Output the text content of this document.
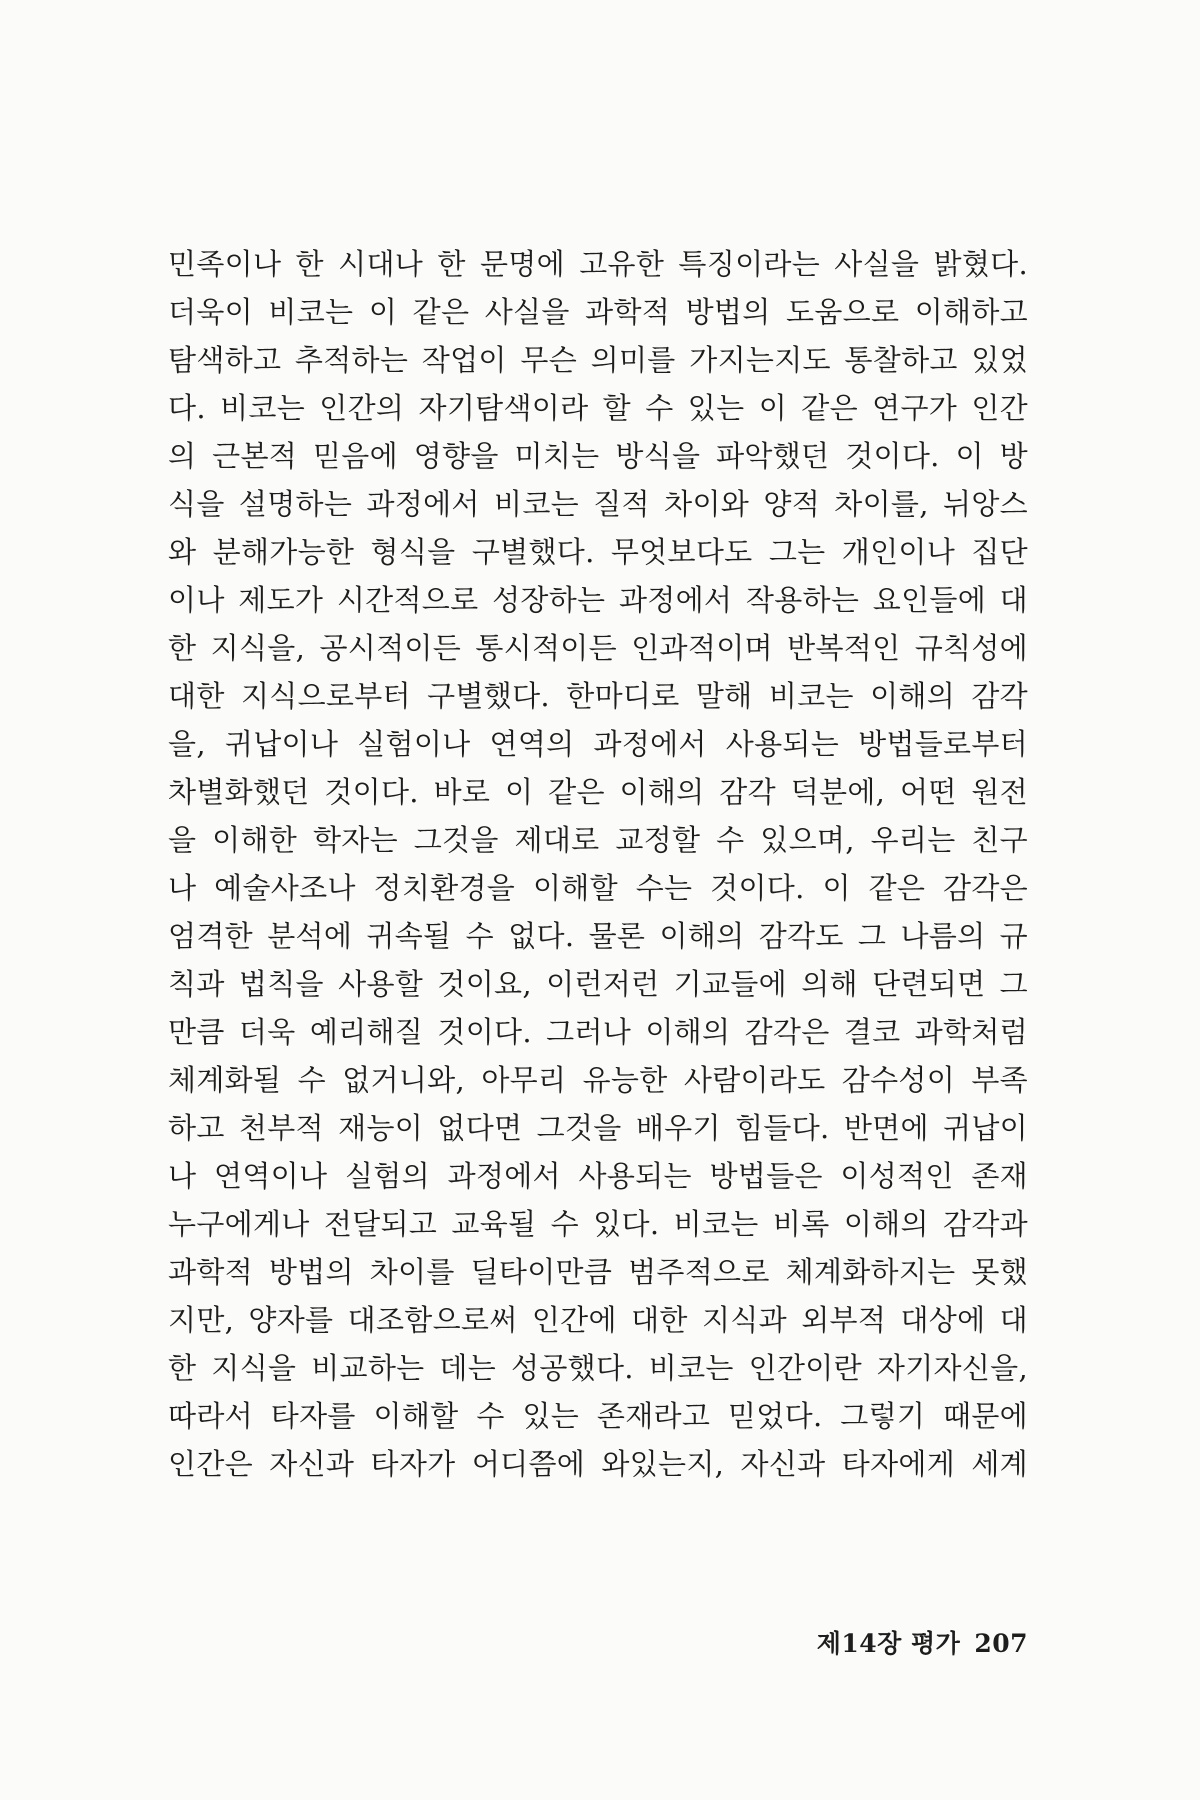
민족이나 한 시대나 한 문명에 고유한 특징이라는 사실을 밝혔다.
더욱이 비코는 이 같은 사실을 과학적 방법의 도움으로 이해하고
탐색하고 추적하는 작업이 무슨 의미를 가지는지도 통찰하고 있었
다. 비코는 인간의 자기탐색이라 할 수 있는 이 같은 연구가 인간
의 근본적 믿음에 영향을 미치는 방식을 파악했던 것이다. 이 방
식을 설명하는 과정에서 비코는 질적 차이와 양적 차이를, 뉘앙스
와 분해가능한 형식을 구별했다. 무엇보다도 그는 개인이나 집단
이나 제도가 시간적으로 성장하는 과정에서 작용하는 요인들에 대
한 지식을, 공시적이든 통시적이든 인과적이며 반복적인 규칙성에
대한 지식으로부터 구별했다. 한마디로 말해 비코는 이해의 감각
을, 귀납이나 실험이나 연역의 과정에서 사용되는 방법들로부터
차별화했던 것이다. 바로 이 같은 이해의 감각 덕분에, 어떤 원전
을 이해한 학자는 그것을 제대로 교정할 수 있으며, 우리는 친구
나 예술사조나 정치환경을 이해할 수는 것이다. 이 같은 감각은
엄격한 분석에 귀속될 수 없다. 물론 이해의 감각도 그 나름의 규
칙과 법칙을 사용할 것이요, 이런저런 기교들에 의해 단련되면 그
만큼 더욱 예리해질 것이다. 그러나 이해의 감각은 결코 과학처럼
체계화될 수 없거니와, 아무리 유능한 사람이라도 감수성이 부족
하고 천부적 재능이 없다면 그것을 배우기 힘들다. 반면에 귀납이
나 연역이나 실험의 과정에서 사용되는 방법들은 이성적인 존재
누구에게나 전달되고 교육될 수 있다. 비코는 비록 이해의 감각과
과학적 방법의 차이를 딜타이만큼 범주적으로 체계화하지는 못했
지만, 양자를 대조함으로써 인간에 대한 지식과 외부적 대상에 대
한 지식을 비교하는 데는 성공했다. 비코는 인간이란 자기자신을,
따라서 타자를 이해할 수 있는 존재라고 믿었다. 그렇기 때문에
인간은 자신과 타자가 어디쯤에 와있는지, 자신과 타자에게 세계
제14장 평가 207
